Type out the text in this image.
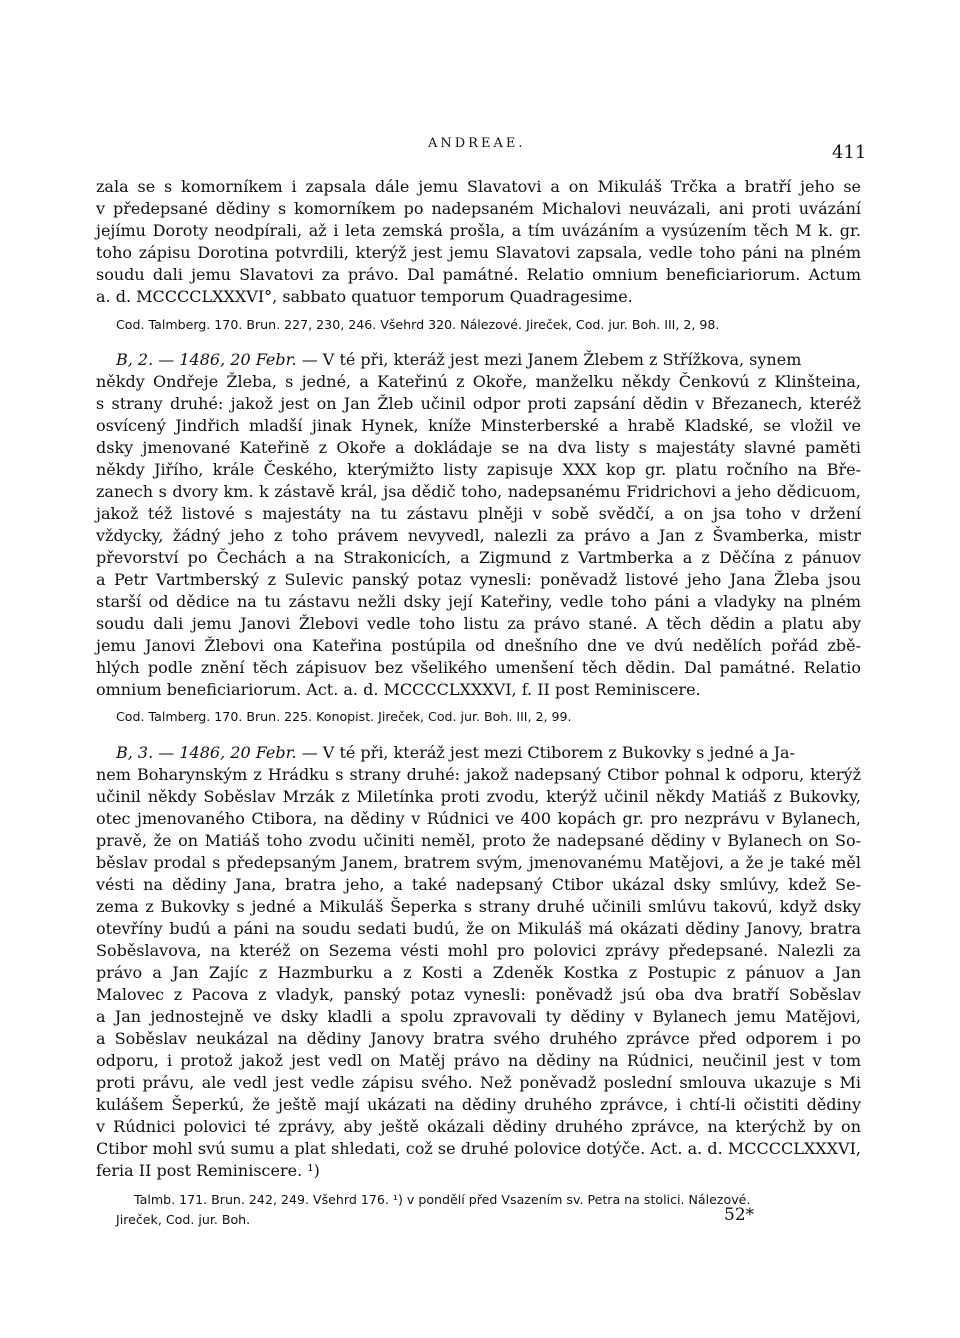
ANDREAE.	411
zala se s komorníkem i zapsala dále jemu Slavatovi a on Mikuláš Trčka a bratří jeho se
v předepsané dědiny s komorníkem po nadepsaném Michalovi neuvázali, ani proti uvázání
jejímu Doroty neodpírali, až i leta zemská prošla, a tím uvázáním a vysúzením těch M k. gr.
toho zápisu Dorotina potvrdili, kterýž jest jemu Slavatovi zapsala, vedle toho páni na plném
soudu dali jemu Slavatovi za právo. Dal památné. Relatio omnium beneficiariorum. Actum
a. d. MCCCCLXXXVI°, sabbato quatuor temporum Quadragesime.
Cod. Talmberg. 170. Brun. 227, 230, 246. Všehrd 320. Nálezové. Jireček, Cod. jur. Boh. III, 2, 98.
B, 2. — 1486, 20 Febr. — V té při, kteráž jest mezi Janem Žlebem z Střížkova, synem
někdy Ondřeje Žleba, s jedné, a Kateřinú z Okoře, manželku někdy Čenkovú z Klinšteina,
s strany druhé: jakož jest on Jan Žleb učinil odpor proti zapsání dědin v Březanech, kteréž
osvícený Jindřich mladší jinak Hynek, kníže Minsterberské a hrabě Kladské, se vložil ve
dsky jmenované Kateřině z Okoře a dokládaje se na dva listy s majestáty slavné paměti
někdy Jiřího, krále Českého, kterýmižto listy zapisuje XXX kop gr. platu ročního na Bře-
zanech s dvory km. k zástavě král, jsa dědič toho, nadepsanému Fridrichovi a jeho dědicuom,
jakož též listové s majestáty na tu zástavu plněji v sobě svědčí, a on jsa toho v držení
vždycky, žádný jeho z toho právem nevyvedl, nalezli za právo a Jan z Švamberka, mistr
převorství po Čechách a na Strakonicích, a Zigmund z Vartmberka a z Děčína z pánuov
a Petr Vartmberský z Sulevic panský potaz vynesli: poněvadž listové jeho Jana Žleba jsou
starší od dědice na tu zástavu nežli dsky její Kateřiny, vedle toho páni a vladyky na plném
soudu dali jemu Janovi Žlebovi vedle toho listu za právo stané. A těch dědin a platu aby
jemu Janovi Žlebovi ona Kateřina postúpila od dnešního dne ve dvú nedělích pořád zbě-
hlých podle znění těch zápisuov bez všelikého umenšení těch dědin. Dal památné. Relatio
omnium beneficiariorum. Act. a. d. MCCCCLXXXVI, f. II post Reminiscere.
Cod. Talmberg. 170. Brun. 225. Konopist. Jireček, Cod. jur. Boh. III, 2, 99.
B, 3. — 1486, 20 Febr. — V té při, kteráž jest mezi Ctiborem z Bukovky s jedné a Ja-
nem Boharynským z Hrádku s strany druhé: jakož nadepsaný Ctibor pohnal k odporu, kterýž
učinil někdy Soběslav Mrzák z Miletínka proti zvodu, kterýž učinil někdy Matiáš z Bukovky,
otec jmenovaného Ctibora, na dědiny v Rúdnici ve 400 kopách gr. pro nezprávu v Bylanech,
pravě, že on Matiáš toho zvodu učiniti neměl, proto že nadepsané dědiny v Bylanech on So-
běslav prodal s předepsaným Janem, bratrem svým, jmenovanému Matějovi, a že je také měl
vésti na dědiny Jana, bratra jeho, a také nadepsaný Ctibor ukázal dsky smlúvy, kdež Se-
zema z Bukovky s jedné a Mikuláš Šeperka s strany druhé učinili smlúvu takovú, když dsky
otevříny budú a páni na soudu sedati budú, že on Mikuláš má okázati dědiny Janovy, bratra
Soběslavova, na kteréž on Sezema vésti mohl pro polovici zprávy předepsané. Nalezli za
právo a Jan Zajíc z Hazmburku a z Kosti a Zdeněk Kostka z Postupic z pánuov a Jan
Malovec z Pacova z vladyk, panský potaz vynesli: poněvadž jsú oba dva bratří Soběslav
a Jan jednostejně ve dsky kladli a spolu zpravovali ty dědiny v Bylanech jemu Matějovi,
a Soběslav neukázal na dědiny Janovy bratra svého druhého zprávce před odporem i po
odporu, i protož jakož jest vedl on Matěj právo na dědiny na Rúdnici, neučinil jest v tom
proti právu, ale vedl jest vedle zápisu svého. Než poněvadž poslední smlouva ukazuje s Mi
kulášem Šeperkú, že ještě mají ukázati na dědiny druhého zprávce, i chtí-li očistiti dědiny
v Rúdnici polovici té zprávy, aby ještě okázali dědiny druhého zprávce, na kterýchž by on
Ctibor mohl svú sumu a plat shledati, což se druhé polovice dotýče. Act. a. d. MCCCCLXXXVI,
feria II post Reminiscere. ¹)
Talmb. 171. Brun. 242, 249. Všehrd 176. ¹) v pondělí před Vsazením sv. Petra na stolici. Nálezové.
Jireček, Cod. jur. Boh.	52*
